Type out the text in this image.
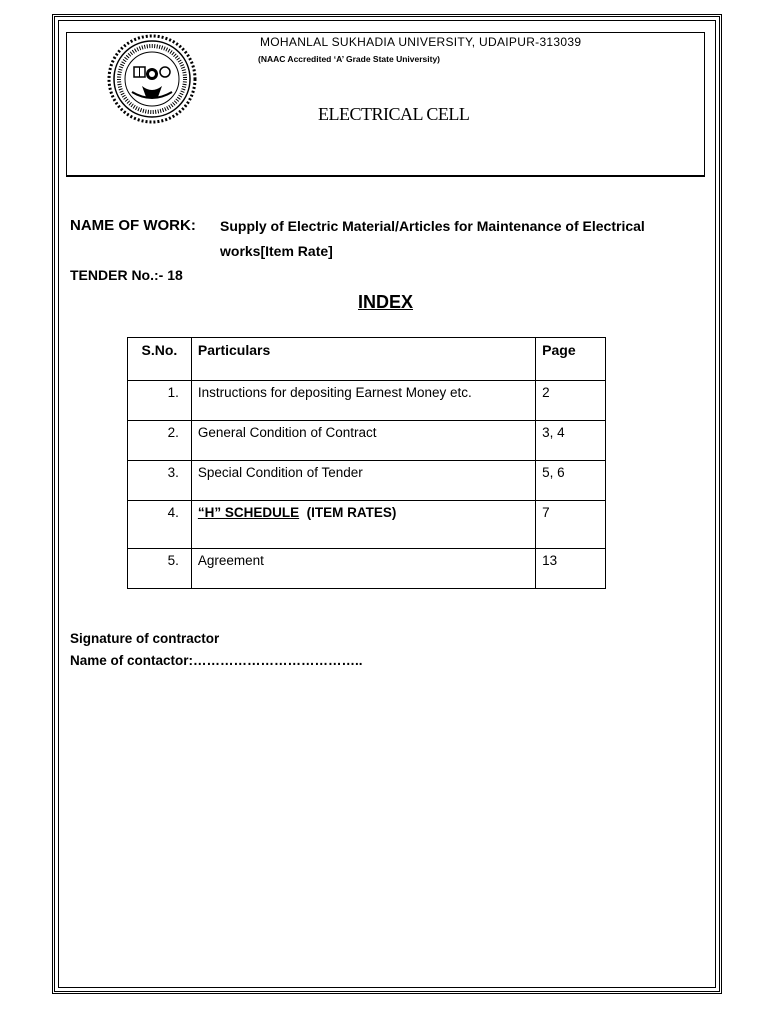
MOHANLAL SUKHADIA UNIVERSITY, UDAIPUR-313039
(NAAC Accredited ‘A’ Grade State University)
ELECTRICAL CELL
NAME OF WORK: Supply of Electric Material/Articles for Maintenance of Electrical
works[Item Rate]
TENDER No.:- 18
INDEX
S.No.	Particulars	Page
1.	Instructions for depositing Earnest Money etc.	2
2.	General Condition of Contract	3, 4
3.	Special Condition of Tender	5, 6
4.	“H” SCHEDULE (ITEM RATES)	7
5.	Agreement	13
Signature of contractor
Name of contactor:………………………………..
